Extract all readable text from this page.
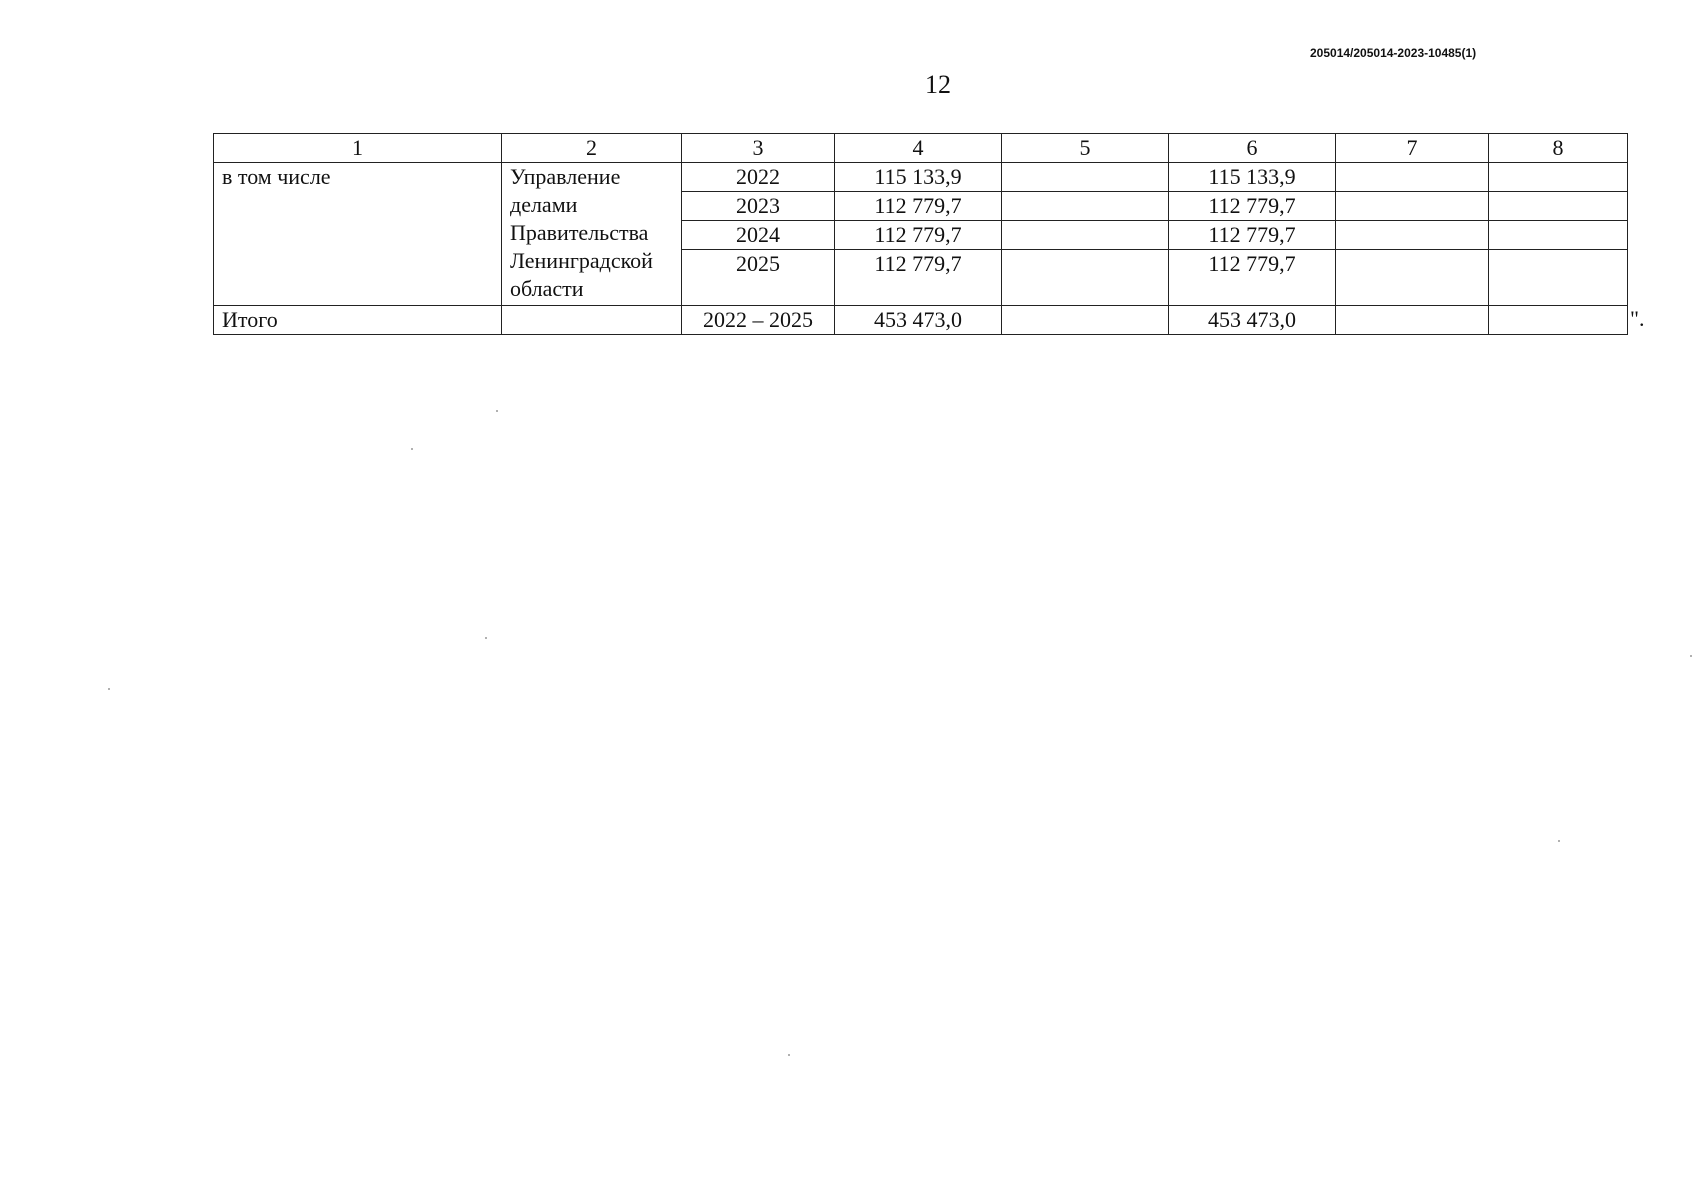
205014/205014-2023-10485(1)
12
1	2	3	4	5	6	7	8
в том числе	Управление делами Правительства Ленинградской области	2022	115 133,9		115 133,9		
		2023	112 779,7		112 779,7		
		2024	112 779,7		112 779,7		
		2025	112 779,7		112 779,7		
Итого		2022 – 2025	453 473,0		453 473,0			".
